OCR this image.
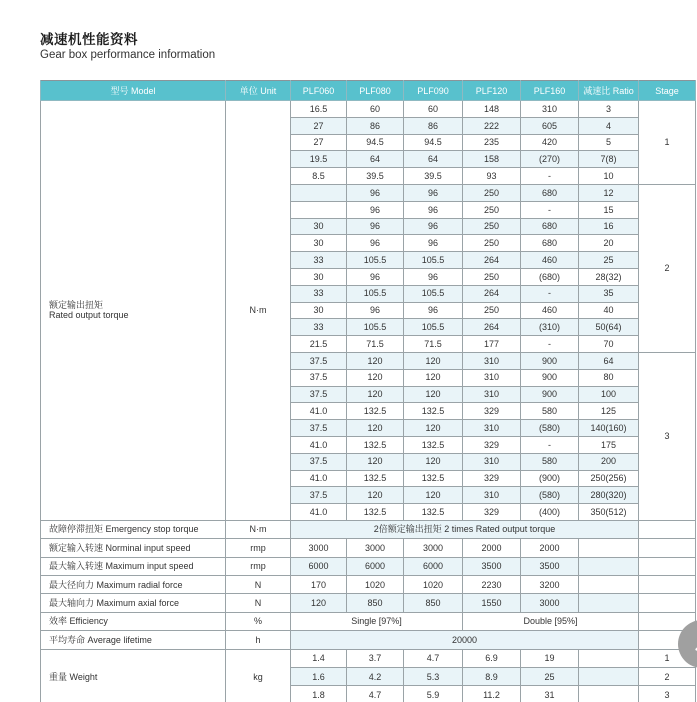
减速机性能资料
Gear box performance information
型号 Model	单位 Unit	PLF060	PLF080	PLF090	PLF120	PLF160	减速比 Ratio	Stage

额定输出扭矩
Rated output torque	N·m	16.5	60	60	148	310	3	1
		27	86	86	222	605	4	
		27	94.5	94.5	235	420	5	
		19.5	64	64	158	(270)	7(8)	
		8.5	39.5	39.5	93	-	10	
			96	96	250	680	12	2
			96	96	250	-	15	
		30	96	96	250	680	16	
		30	96	96	250	680	20	
		33	105.5	105.5	264	460	25	
		30	96	96	250	(680)	28(32)	
		33	105.5	105.5	264	-	35	
		30	96	96	250	460	40	
		33	105.5	105.5	264	(310)	50(64)	
		21.5	71.5	71.5	177	-	70	
		37.5	120	120	310	900	64	3
		37.5	120	120	310	900	80	
		37.5	120	120	310	900	100	
		41.0	132.5	132.5	329	580	125	
		37.5	120	120	310	(580)	140(160)	
		41.0	132.5	132.5	329	-	175	
		37.5	120	120	310	580	200	
		41.0	132.5	132.5	329	(900)	250(256)	
		37.5	120	120	310	(580)	280(320)	
		41.0	132.5	132.5	329	(400)	350(512)	
故障停滞扭矩 Emergency stop torque	N·m	2倍额定输出扭矩 2 times Rated output torque						
额定输入转速 Norminal input speed	rmp	3000	3000	3000	2000	2000		
最大输入转速 Maximum input speed	rmp	6000	6000	6000	3500	3500		
最大径向力 Maximum radial force	N	170	1020	1020	2230	3200		
最大轴向力 Maximum axial force	N	120	850	850	1550	3000		
效率 Efficiency	%	Single [97%]			Double [95%]			
平均寿命 Average lifetime	h	20000						
重量 Weight	kg	1.4	3.7	4.7	6.9	19		1
		1.6	4.2	5.3	8.9	25		2
		1.8	4.7	5.9	11.2	31		3
